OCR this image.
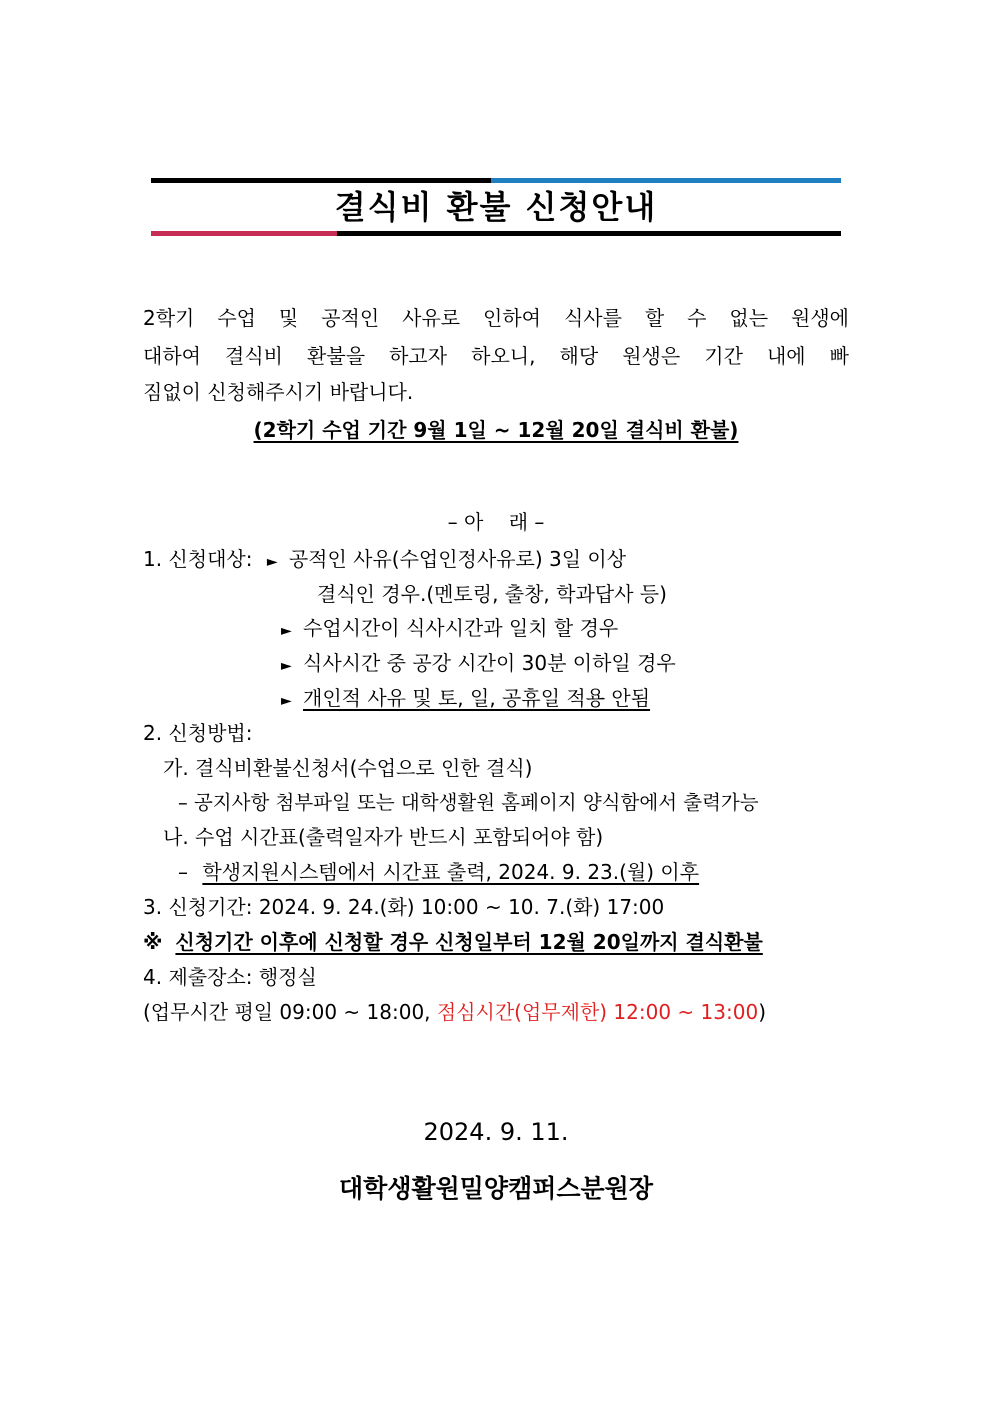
결식비 환불 신청안내
2학기 수업 및 공적인 사유로 인하여 식사를 할 수 없는 원생에
대하여 결식비 환불을 하고자 하오니, 해당 원생은 기간 내에 빠
짐없이 신청해주시기 바랍니다.
(2학기 수업 기간 9월 1일 ~ 12월 20일 결식비 환불)
– 아    래 –
1. 신청대상: ► 공적인 사유(수업인정사유로) 3일 이상
결식인 경우.(멘토링, 출창, 학과답사 등)
► 수업시간이 식사시간과 일치 할 경우
► 식사시간 중 공강 시간이 30분 이하일 경우
► 개인적 사유 및 토, 일, 공휴일 적용 안됨
2. 신청방법:
가. 결식비환불신청서(수업으로 인한 결식)
– 공지사항 첨부파일 또는 대학생활원 홈페이지 양식함에서 출력가능
나. 수업 시간표(출력일자가 반드시 포함되어야 함)
– 학생지원시스템에서 시간표 출력, 2024. 9. 23.(월) 이후
3. 신청기간: 2024. 9. 24.(화) 10:00 ~ 10. 7.(화) 17:00
※ 신청기간 이후에 신청할 경우 신청일부터 12월 20일까지 결식환불
4. 제출장소: 행정실
(업무시간 평일 09:00 ~ 18:00, 점심시간(업무제한) 12:00 ~ 13:00)
2024. 9. 11.
대학생활원밀양캠퍼스분원장
